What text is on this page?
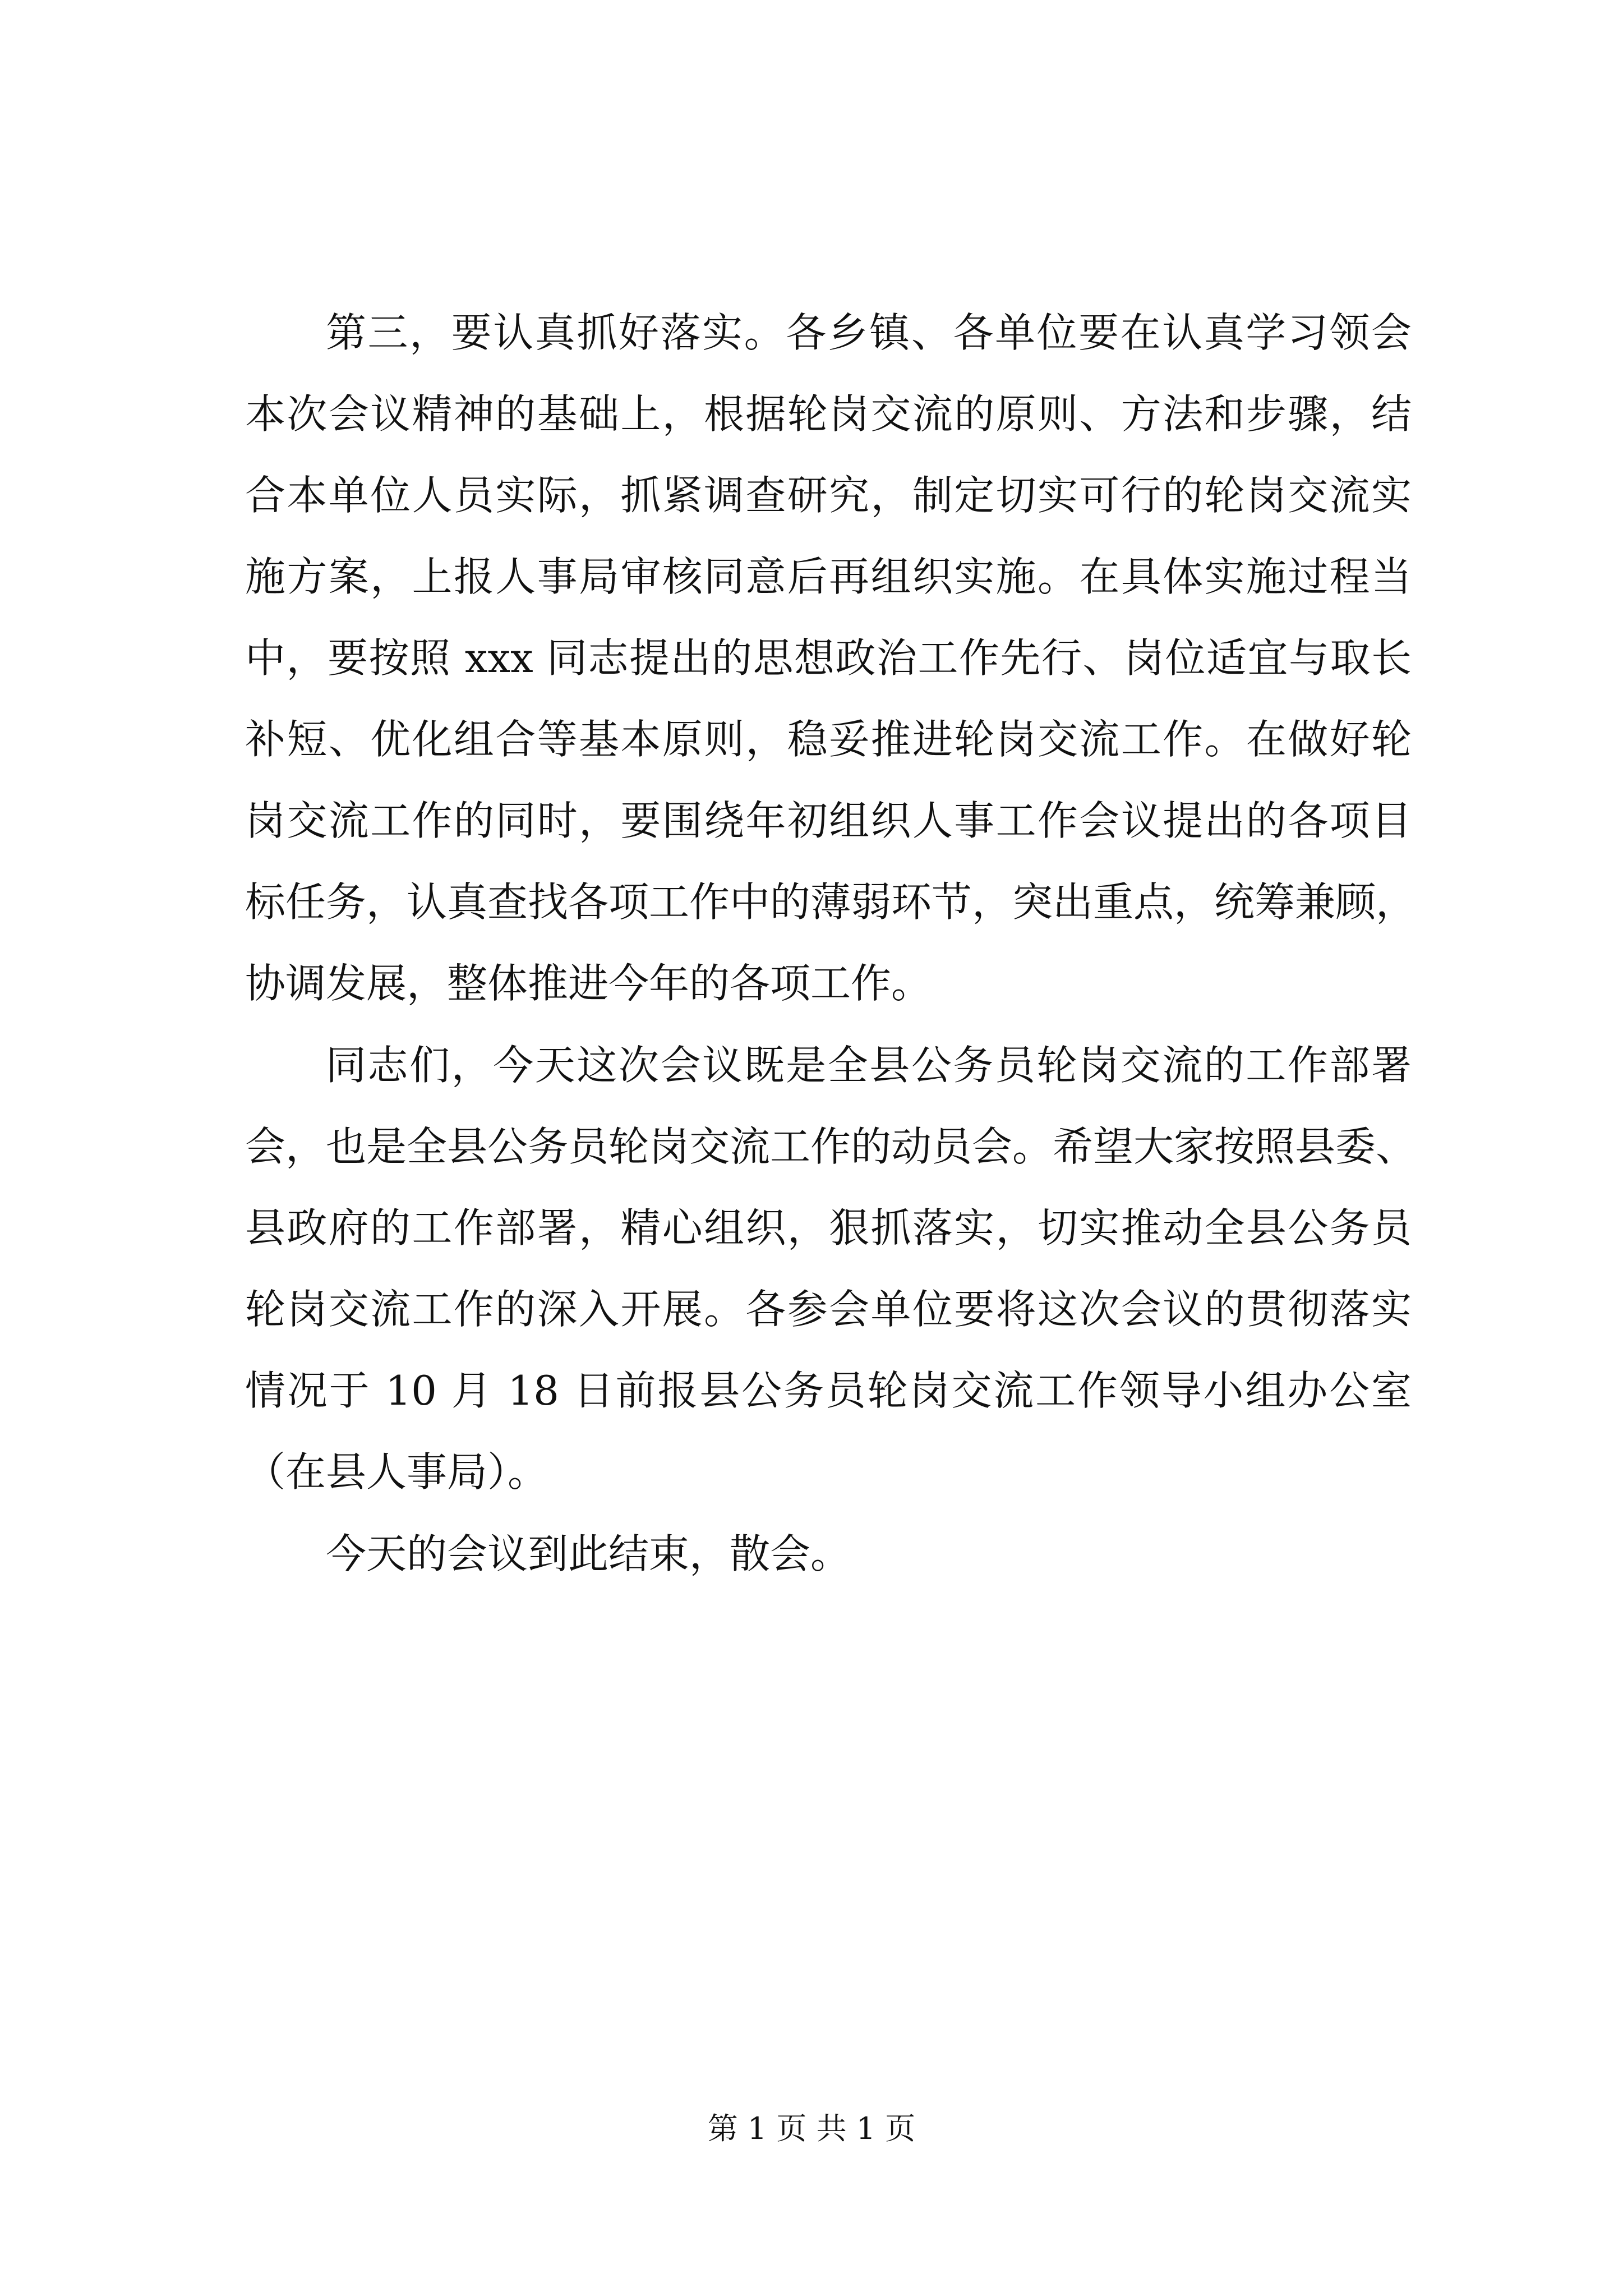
第三，要认真抓好落实。各乡镇、各单位要在认真学习领会
本次会议精神的基础上，根据轮岗交流的原则、方法和步骤，结
合本单位人员实际，抓紧调查研究，制定切实可行的轮岗交流实
施方案，上报人事局审核同意后再组织实施。在具体实施过程当
中，要按照 xxx 同志提出的思想政治工作先行、岗位适宜与取长
补短、优化组合等基本原则，稳妥推进轮岗交流工作。在做好轮
岗交流工作的同时，要围绕年初组织人事工作会议提出的各项目
标任务，认真查找各项工作中的薄弱环节，突出重点，统筹兼顾，
协调发展，整体推进今年的各项工作。
同志们，今天这次会议既是全县公务员轮岗交流的工作部署
会，也是全县公务员轮岗交流工作的动员会。希望大家按照县委、
县政府的工作部署，精心组织，狠抓落实，切实推动全县公务员
轮岗交流工作的深入开展。各参会单位要将这次会议的贯彻落实
情况于 10 月 18 日前报县公务员轮岗交流工作领导小组办公室
（在县人事局）。
今天的会议到此结束，散会。
第 1 页 共 1 页
